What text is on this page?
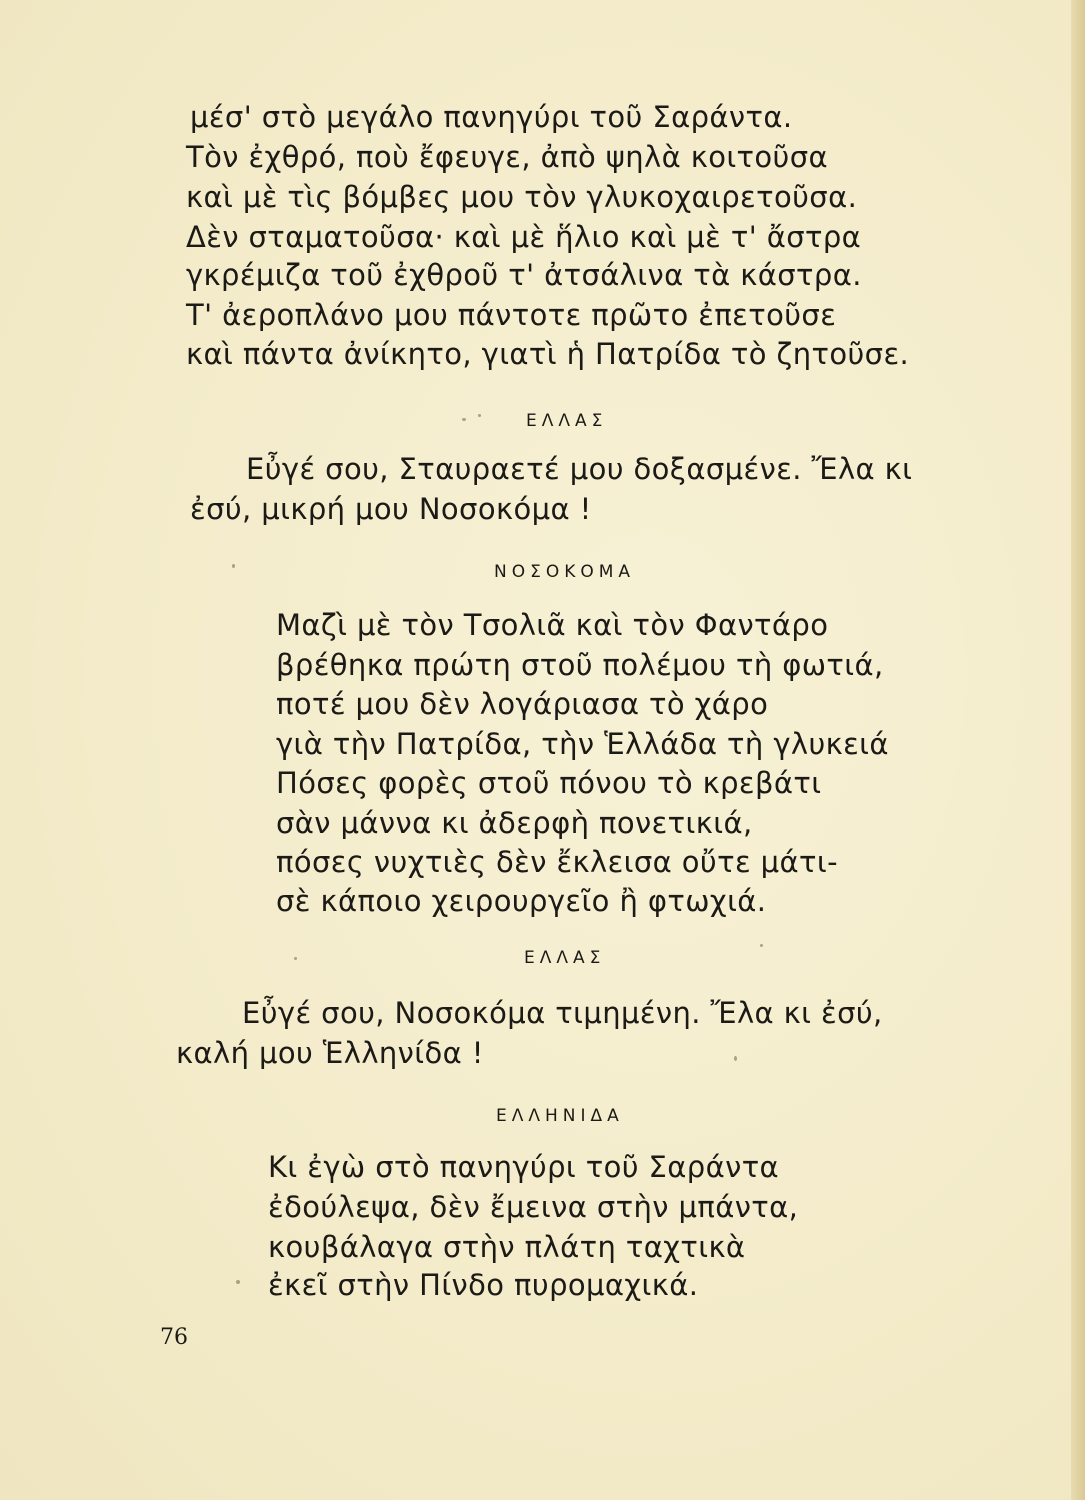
μέσ' στὸ μεγάλο πανηγύρι τοῦ Σαράντα.
Τὸν ἐχθρό, ποὺ ἔφευγε, ἀπὸ ψηλὰ κοιτοῦσα
καὶ μὲ τὶς βόμβες μου τὸν γλυκοχαιρετοῦσα.
Δὲν σταματοῦσα· καὶ μὲ ἥλιο καὶ μὲ τ' ἄστρα
γκρέμιζα τοῦ ἐχθροῦ τ' ἀτσάλινα τὰ κάστρα.
Τ' ἀεροπλάνο μου πάντοτε πρῶτο ἐπετοῦσε
καὶ πάντα ἀνίκητο, γιατὶ ἡ Πατρίδα τὸ ζητοῦσε.
ΕΛΛΑΣ
Εὖγέ σου, Σταυραετέ μου δοξασμένε. Ἔλα κι
ἐσύ, μικρή μου Νοσοκόμα !
ΝΟΣΟΚΟΜΑ
Μαζὶ μὲ τὸν Τσολιᾶ καὶ τὸν Φαντάρο
βρέθηκα πρώτη στοῦ πολέμου τὴ φωτιά,
ποτέ μου δὲν λογάριασα τὸ χάρο
γιὰ τὴν Πατρίδα, τὴν Ἑλλάδα τὴ γλυκειά
Πόσες φορὲς στοῦ πόνου τὸ κρεβάτι
σὰν μάννα κι ἀδερφὴ πονετικιά,
πόσες νυχτιὲς δὲν ἔκλεισα οὔτε μάτι-
σὲ κάποιο χειρουργεῖο ἢ φτωχιά.
ΕΛΛΑΣ
Εὖγέ σου, Νοσοκόμα τιμημένη. Ἔλα κι ἐσύ,
καλή μου Ἑλληνίδα !
ΕΛΛΗΝΙΔΑ
Κι ἐγὼ στὸ πανηγύρι τοῦ Σαράντα
ἐδούλεψα, δὲν ἔμεινα στὴν μπάντα,
κουβάλαγα στὴν πλάτη ταχτικὰ
ἐκεῖ στὴν Πίνδο πυρομαχικά.
76
